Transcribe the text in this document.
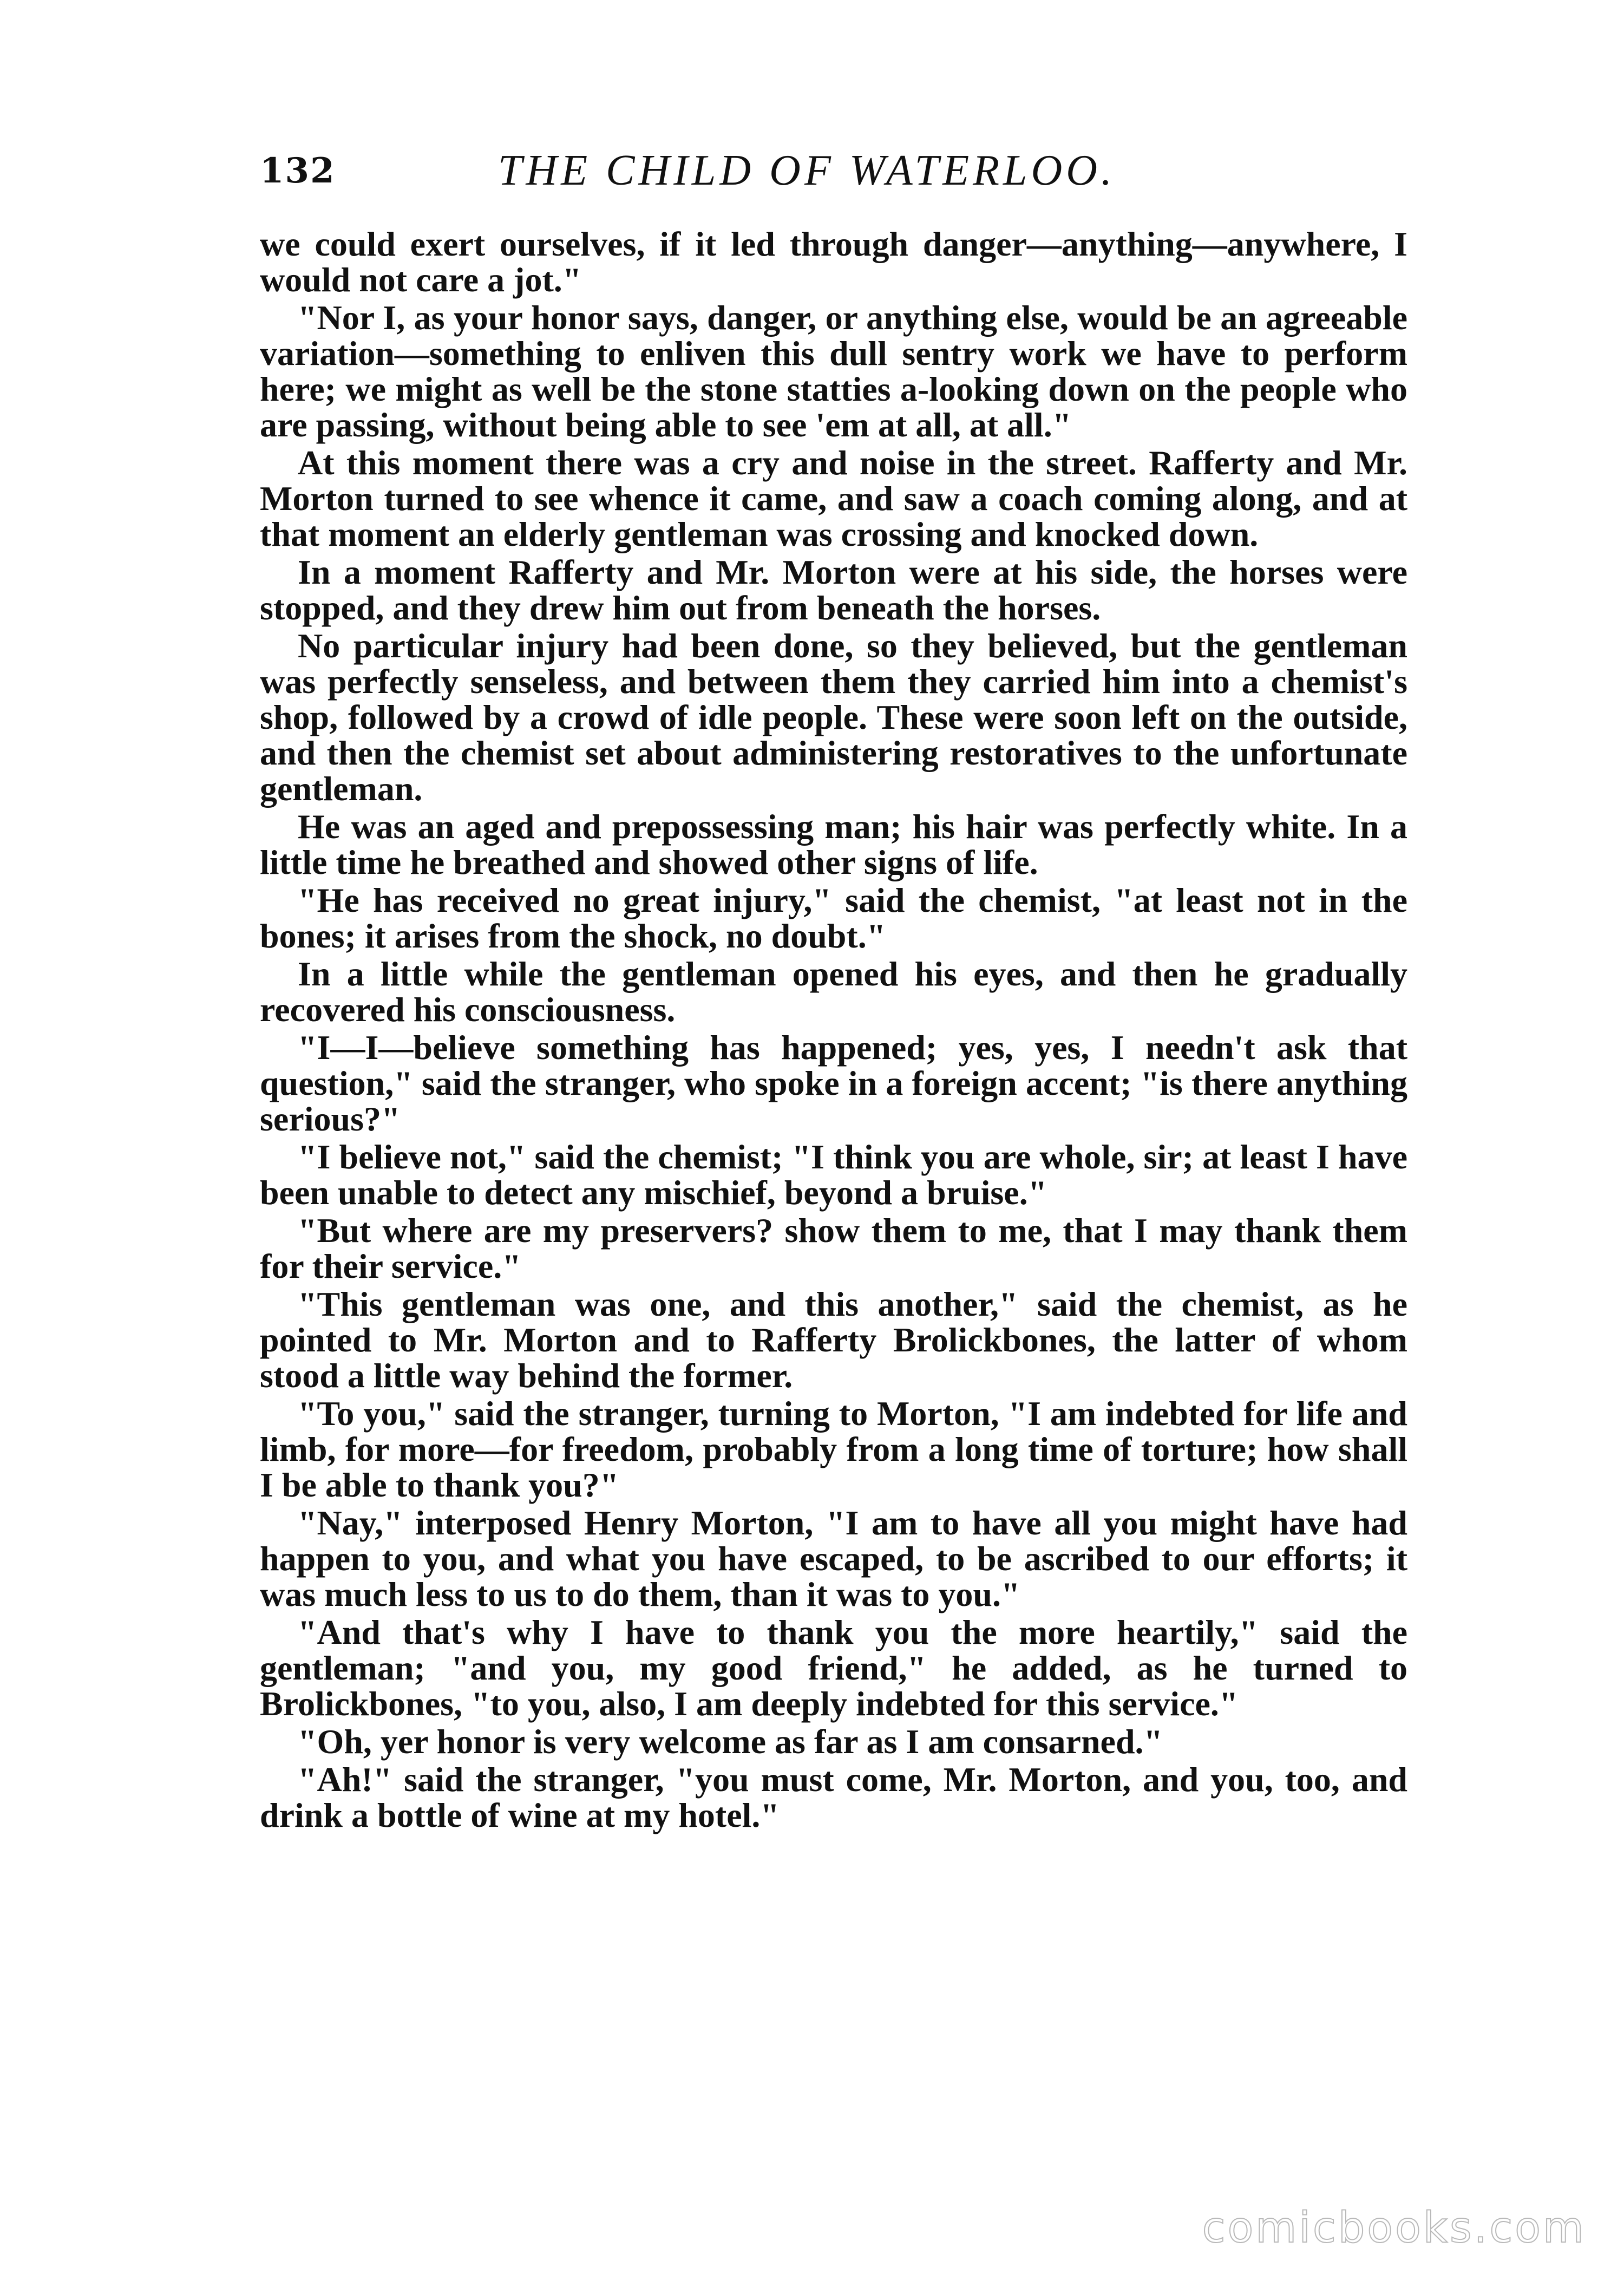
132	THE CHILD OF WATERLOO.

we could exert ourselves, if it led through danger—anything—anywhere, I would not care a jot."

"Nor I, as your honor says, danger, or anything else, would be an agreeable variation—something to enliven this dull sentry work we have to perform here; we might as well be the stone statties a-looking down on the people who are passing, without being able to see 'em at all, at all."

At this moment there was a cry and noise in the street. Rafferty and Mr. Morton turned to see whence it came, and saw a coach coming along, and at that moment an elderly gentleman was crossing and knocked down.

In a moment Rafferty and Mr. Morton were at his side, the horses were stopped, and they drew him out from beneath the horses.

No particular injury had been done, so they believed, but the gentleman was perfectly senseless, and between them they carried him into a chemist's shop, followed by a crowd of idle people. These were soon left on the outside, and then the chemist set about administering restoratives to the unfortunate gentleman.

He was an aged and prepossessing man; his hair was perfectly white. In a little time he breathed and showed other signs of life.

"He has received no great injury," said the chemist, "at least not in the bones; it arises from the shock, no doubt."

In a little while the gentleman opened his eyes, and then he gradually recovered his consciousness.

"I—I—believe something has happened; yes, yes, I needn't ask that question," said the stranger, who spoke in a foreign accent; "is there anything serious?"

"I believe not," said the chemist; "I think you are whole, sir; at least I have been unable to detect any mischief, beyond a bruise."

"But where are my preservers? show them to me, that I may thank them for their service."

"This gentleman was one, and this another," said the chemist, as he pointed to Mr. Morton and to Rafferty Brolickbones, the latter of whom stood a little way behind the former.

"To you," said the stranger, turning to Morton, "I am indebted for life and limb, for more—for freedom, probably from a long time of torture; how shall I be able to thank you?"

"Nay," interposed Henry Morton, "I am to have all you might have had happen to you, and what you have escaped, to be ascribed to our efforts; it was much less to us to do them, than it was to you."

"And that's why I have to thank you the more heartily," said the gentleman; "and you, my good friend," he added, as he turned to Brolickbones, "to you, also, I am deeply indebted for this service."

"Oh, yer honor is very welcome as far as I am consarned."

"Ah!" said the stranger, "you must come, Mr. Morton, and you, too, and drink a bottle of wine at my hotel."

comicbooks.com
